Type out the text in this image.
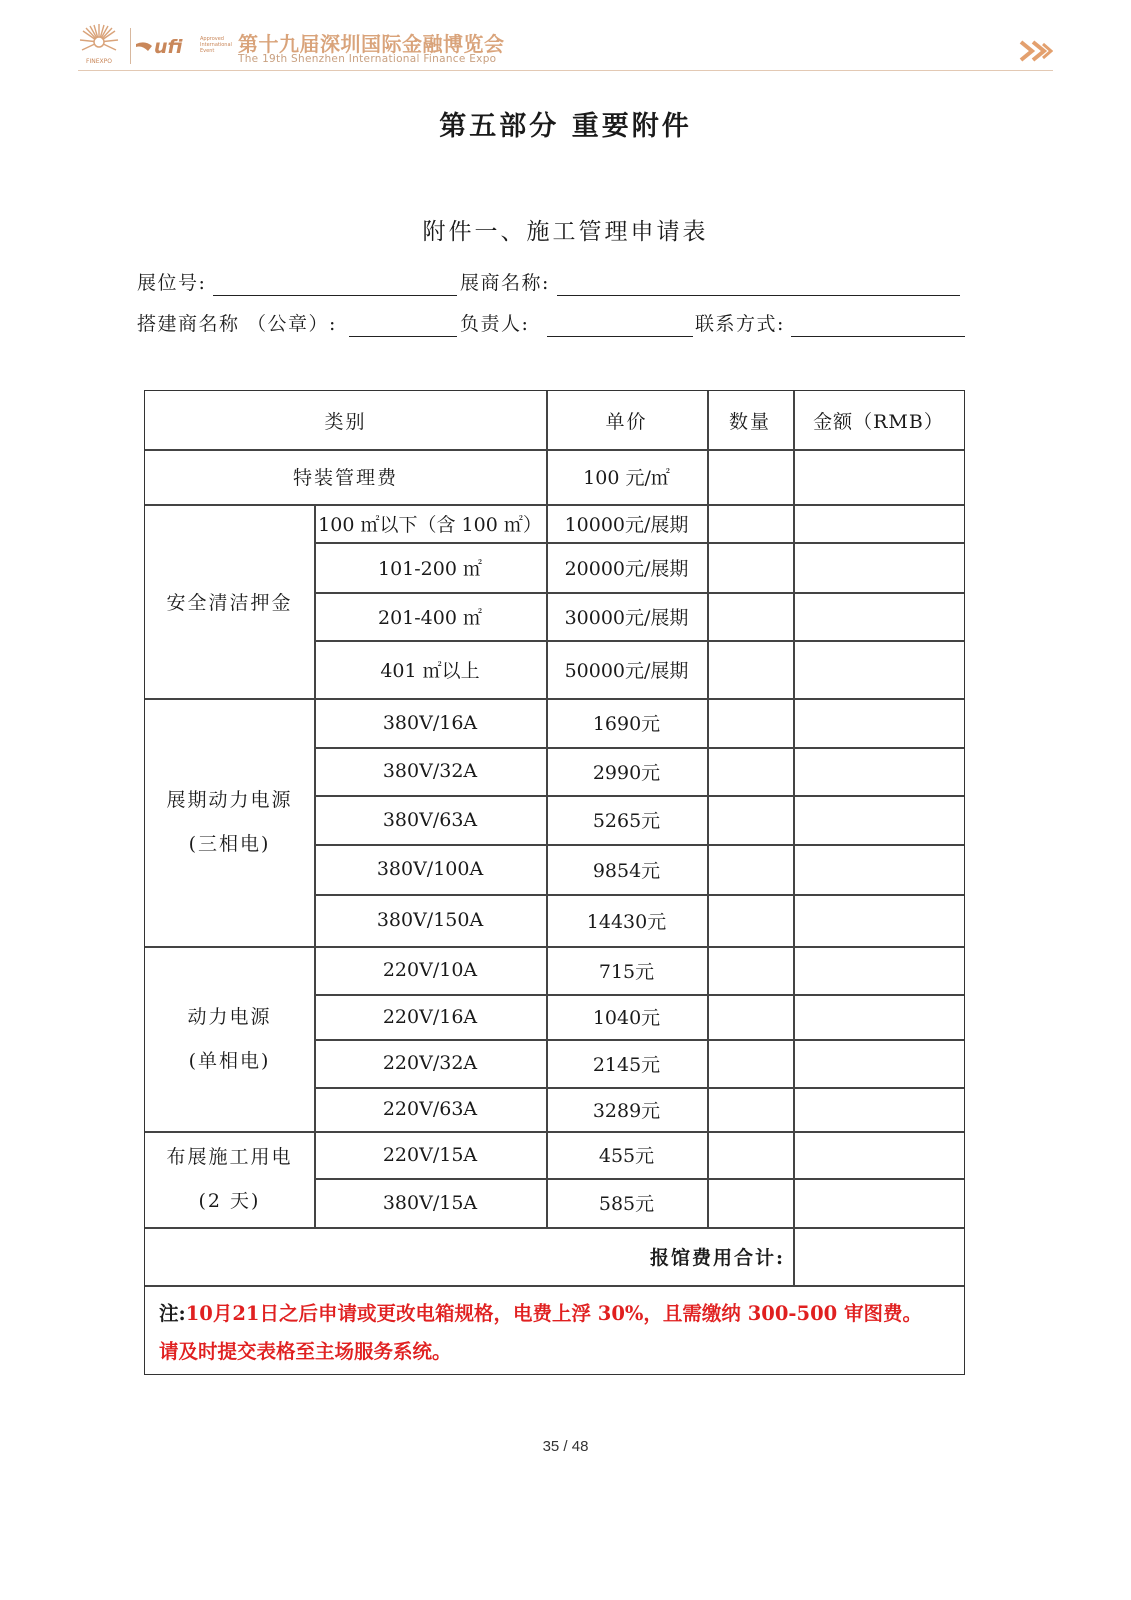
FINEXPO
ufi	Approved International Event	第十九届深圳国际金融博览会
The 19th Shenzhen International Finance Expo
第五部分 重要附件
附件一、施工管理申请表
展位号:	展商名称:
搭建商名称 （公章）:	负责人:	联系方式:
类别	单价	数量	金额（RMB）
特装管理费	100 元/㎡
安全清洁押金
100 ㎡以下（含 100 ㎡）	10000元/展期
101-200 ㎡	20000元/展期
201-400 ㎡	30000元/展期
401 ㎡以上	50000元/展期
展期动力电源
(三相电)
380V/16A	1690元
380V/32A	2990元
380V/63A	5265元
380V/100A	9854元
380V/150A	14430元
动力电源
(单相电)
220V/10A	715元
220V/16A	1040元
220V/32A	2145元
220V/63A	3289元
布展施工用电
(2 天)
220V/15A	455元
380V/15A	585元
报馆费用合计:
注:10月21日之后申请或更改电箱规格，电费上浮 30%，且需缴纳 300-500 审图费。
请及时提交表格至主场服务系统。
35 / 48
